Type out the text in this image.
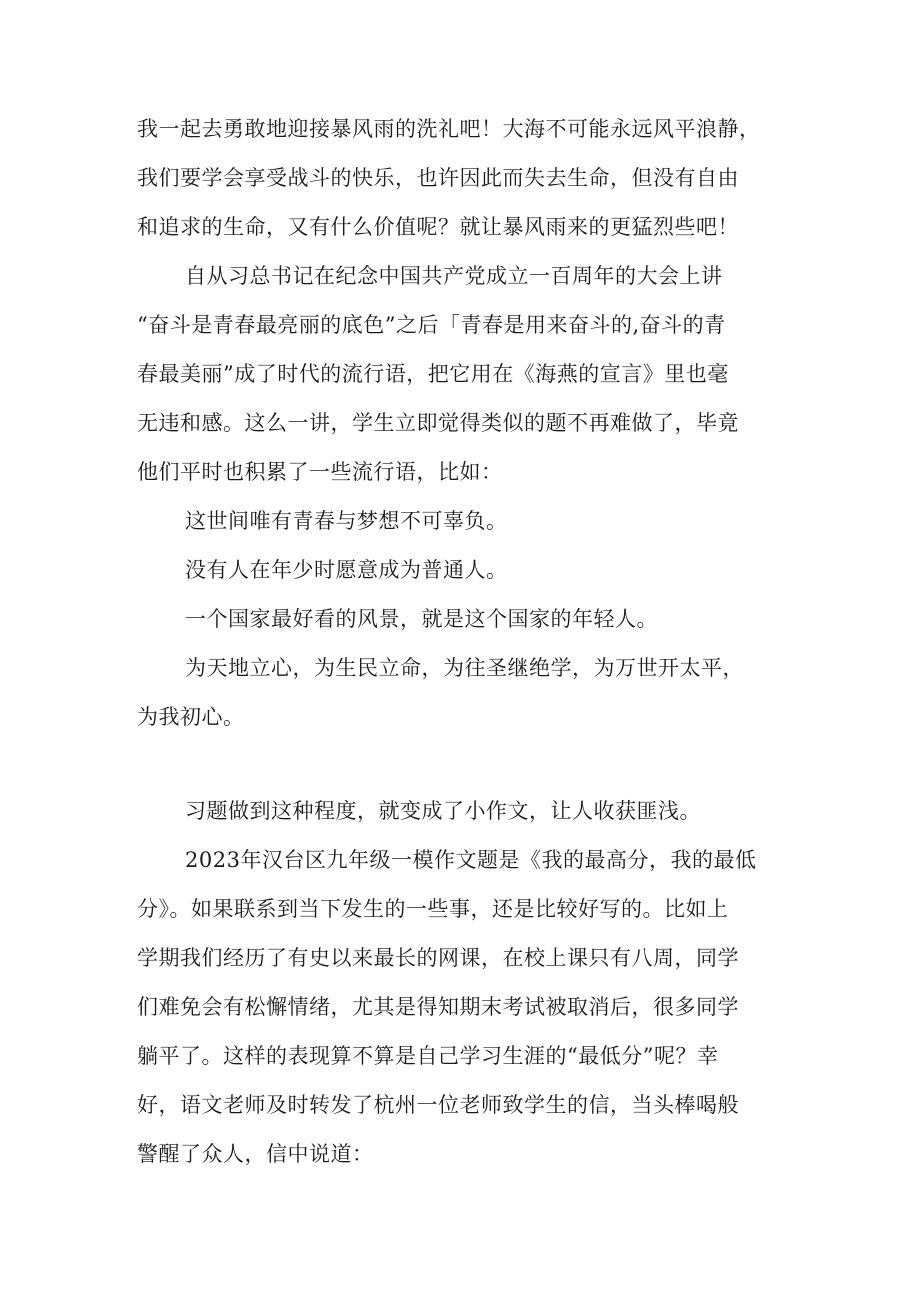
我一起去勇敢地迎接暴风雨的洗礼吧！大海不可能永远风平浪静，
我们要学会享受战斗的快乐，也许因此而失去生命，但没有自由
和追求的生命，又有什么价值呢？就让暴风雨来的更猛烈些吧！
自从习总书记在纪念中国共产党成立一百周年的大会上讲
“奋斗是青春最亮丽的底色”之后「青春是用来奋斗的,奋斗的青
春最美丽”成了时代的流行语，把它用在《海燕的宣言》里也毫
无违和感。这么一讲，学生立即觉得类似的题不再难做了，毕竟
他们平时也积累了一些流行语，比如：
这世间唯有青春与梦想不可辜负。
没有人在年少时愿意成为普通人。
一个国家最好看的风景，就是这个国家的年轻人。
为天地立心，为生民立命，为往圣继绝学，为万世开太平，
为我初心。
习题做到这种程度，就变成了小作文，让人收获匪浅。
2023年汉台区九年级一模作文题是《我的最高分，我的最低
分》。如果联系到当下发生的一些事，还是比较好写的。比如上
学期我们经历了有史以来最长的网课，在校上课只有八周，同学
们难免会有松懈情绪，尤其是得知期末考试被取消后，很多同学
躺平了。这样的表现算不算是自己学习生涯的“最低分”呢？幸
好，语文老师及时转发了杭州一位老师致学生的信，当头棒喝般
警醒了众人，信中说道：
